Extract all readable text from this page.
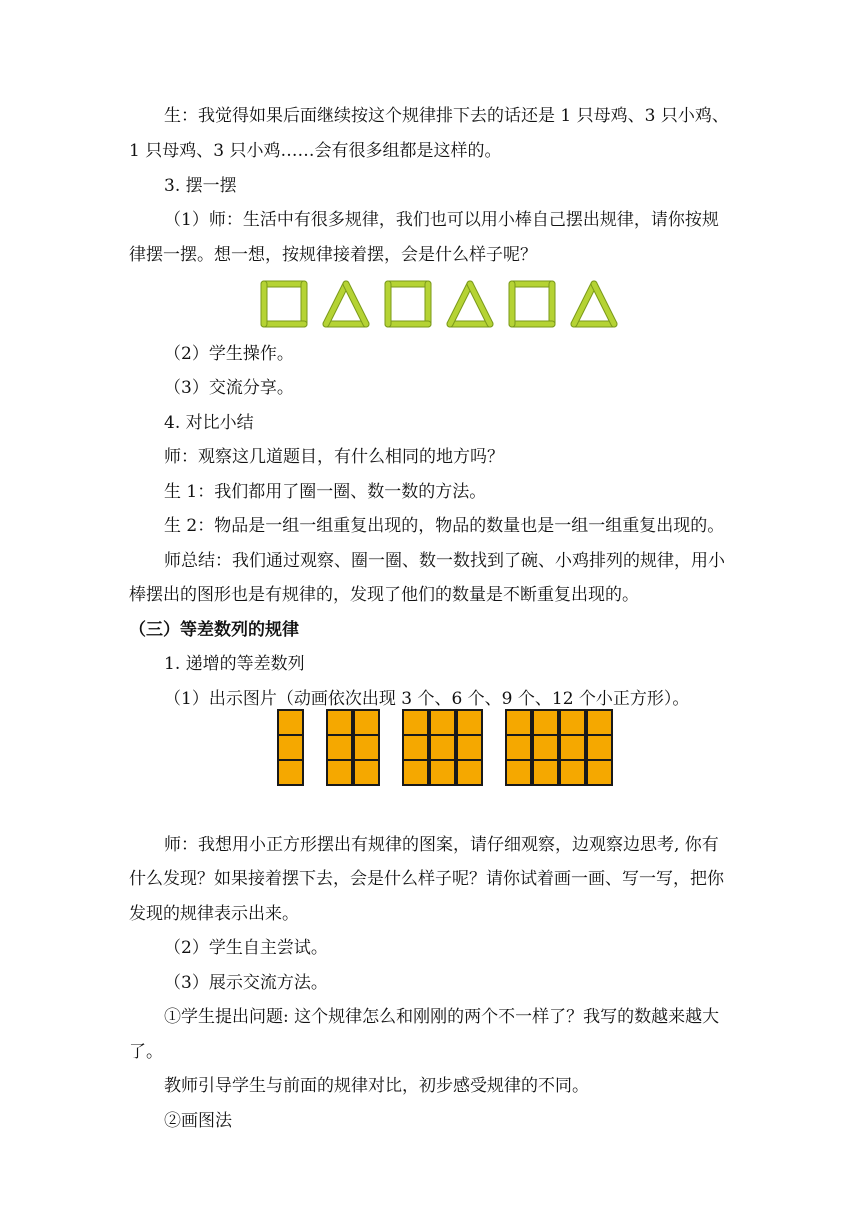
生：我觉得如果后面继续按这个规律排下去的话还是 1 只母鸡、3 只小鸡、
1 只母鸡、3 只小鸡……会有很多组都是这样的。
3. 摆一摆
（1）师：生活中有很多规律，我们也可以用小棒自己摆出规律，请你按规
律摆一摆。想一想，按规律接着摆，会是什么样子呢？
（2）学生操作。
（3）交流分享。
4. 对比小结
师：观察这几道题目，有什么相同的地方吗？
生 1：我们都用了圈一圈、数一数的方法。
生 2：物品是一组一组重复出现的，物品的数量也是一组一组重复出现的。
师总结：我们通过观察、圈一圈、数一数找到了碗、小鸡排列的规律，用小
棒摆出的图形也是有规律的，发现了他们的数量是不断重复出现的。
（三）等差数列的规律
1. 递增的等差数列
（1）出示图片（动画依次出现 3 个、6 个、9 个、12 个小正方形）。
师：我想用小正方形摆出有规律的图案，请仔细观察，边观察边思考, 你有
什么发现？如果接着摆下去，会是什么样子呢？请你试着画一画、写一写，把你
发现的规律表示出来。
（2）学生自主尝试。
（3）展示交流方法。
①学生提出问题: 这个规律怎么和刚刚的两个不一样了？我写的数越来越大
了。
教师引导学生与前面的规律对比，初步感受规律的不同。
②画图法
